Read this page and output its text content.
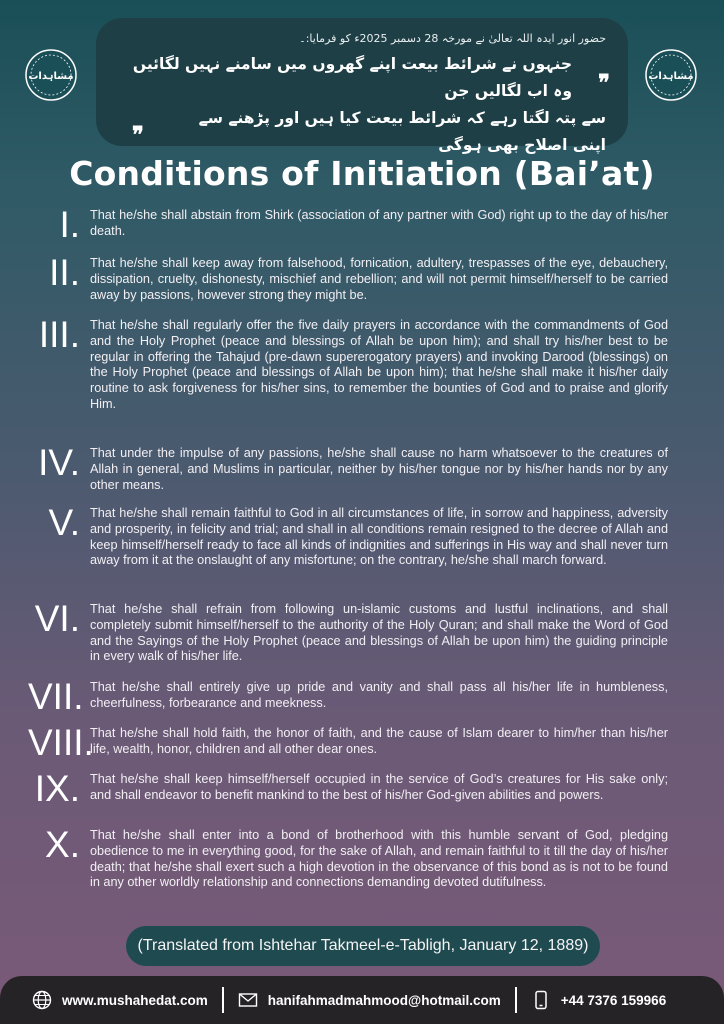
حضور انور ایدہ اللہ تعالیٰ نے مورخہ 28 دسمبر 2025ء کو فرمایا:۔
❞
جنہوں نے شرائط بیعت اپنے گھروں میں سامنے نہیں لگائیں وہ اب لگالیں جن
سے پتہ لگتا رہے کہ شرائط بیعت کیا ہیں اور پڑھنے سے اپنی اصلاح بھی ہوگی
❞
مشاہدات	مشاہدات
Conditions of Initiation (Bai’at)
I. That he/she shall abstain from Shirk (association of any partner with God) right up to the day of his/her death.
II. That he/she shall keep away from falsehood, fornication, adultery, trespasses of the eye, debauchery, dissipation, cruelty, dishonesty, mischief and rebellion; and will not permit himself/herself to be carried away by passions, however strong they might be.
III. That he/she shall regularly offer the five daily prayers in accordance with the commandments of God and the Holy Prophet (peace and blessings of Allah be upon him); and shall try his/her best to be regular in offering the Tahajud (pre-dawn supererogatory prayers) and invoking Darood (blessings) on the Holy Prophet (peace and blessings of Allah be upon him); that he/she shall make it his/her daily routine to ask forgiveness for his/her sins, to remember the bounties of God and to praise and glorify Him.
IV. That under the impulse of any passions, he/she shall cause no harm whatsoever to the creatures of Allah in general, and Muslims in particular, neither by his/her tongue nor by his/her hands nor by any other means.
V. That he/she shall remain faithful to God in all circumstances of life, in sorrow and happiness, adversity and prosperity, in felicity and trial; and shall in all conditions remain resigned to the decree of Allah and keep himself/herself ready to face all kinds of indignities and sufferings in His way and shall never turn away from it at the onslaught of any misfortune; on the contrary, he/she shall march forward.
VI. That he/she shall refrain from following un-islamic customs and lustful inclinations, and shall completely submit himself/herself to the authority of the Holy Quran; and shall make the Word of God and the Sayings of the Holy Prophet (peace and blessings of Allah be upon him) the guiding principle in every walk of his/her life.
VII. That he/she shall entirely give up pride and vanity and shall pass all his/her life in humbleness, cheerfulness, forbearance and meekness.
VIII.
That he/she shall hold faith, the honor of faith, and the cause of Islam dearer to him/her than his/her life, wealth, honor, children and all other dear ones.
IX. That he/she shall keep himself/herself occupied in the service of God’s creatures for His sake only; and shall endeavor to benefit mankind to the best of his/her God-given abilities and powers.
X. That he/she shall enter into a bond of brotherhood with this humble servant of God, pledging obedience to me in everything good, for the sake of Allah, and remain faithful to it till the day of his/her death; that he/she shall exert such a high devotion in the observance of this bond as is not to be found in any other worldly relationship and connections demanding devoted dutifulness.
(Translated from Ishtehar Takmeel-e-Tabligh, January 12, 1889)
www.mushahedat.com	hanifahmadmahmood@hotmail.com	+44 7376 159966
